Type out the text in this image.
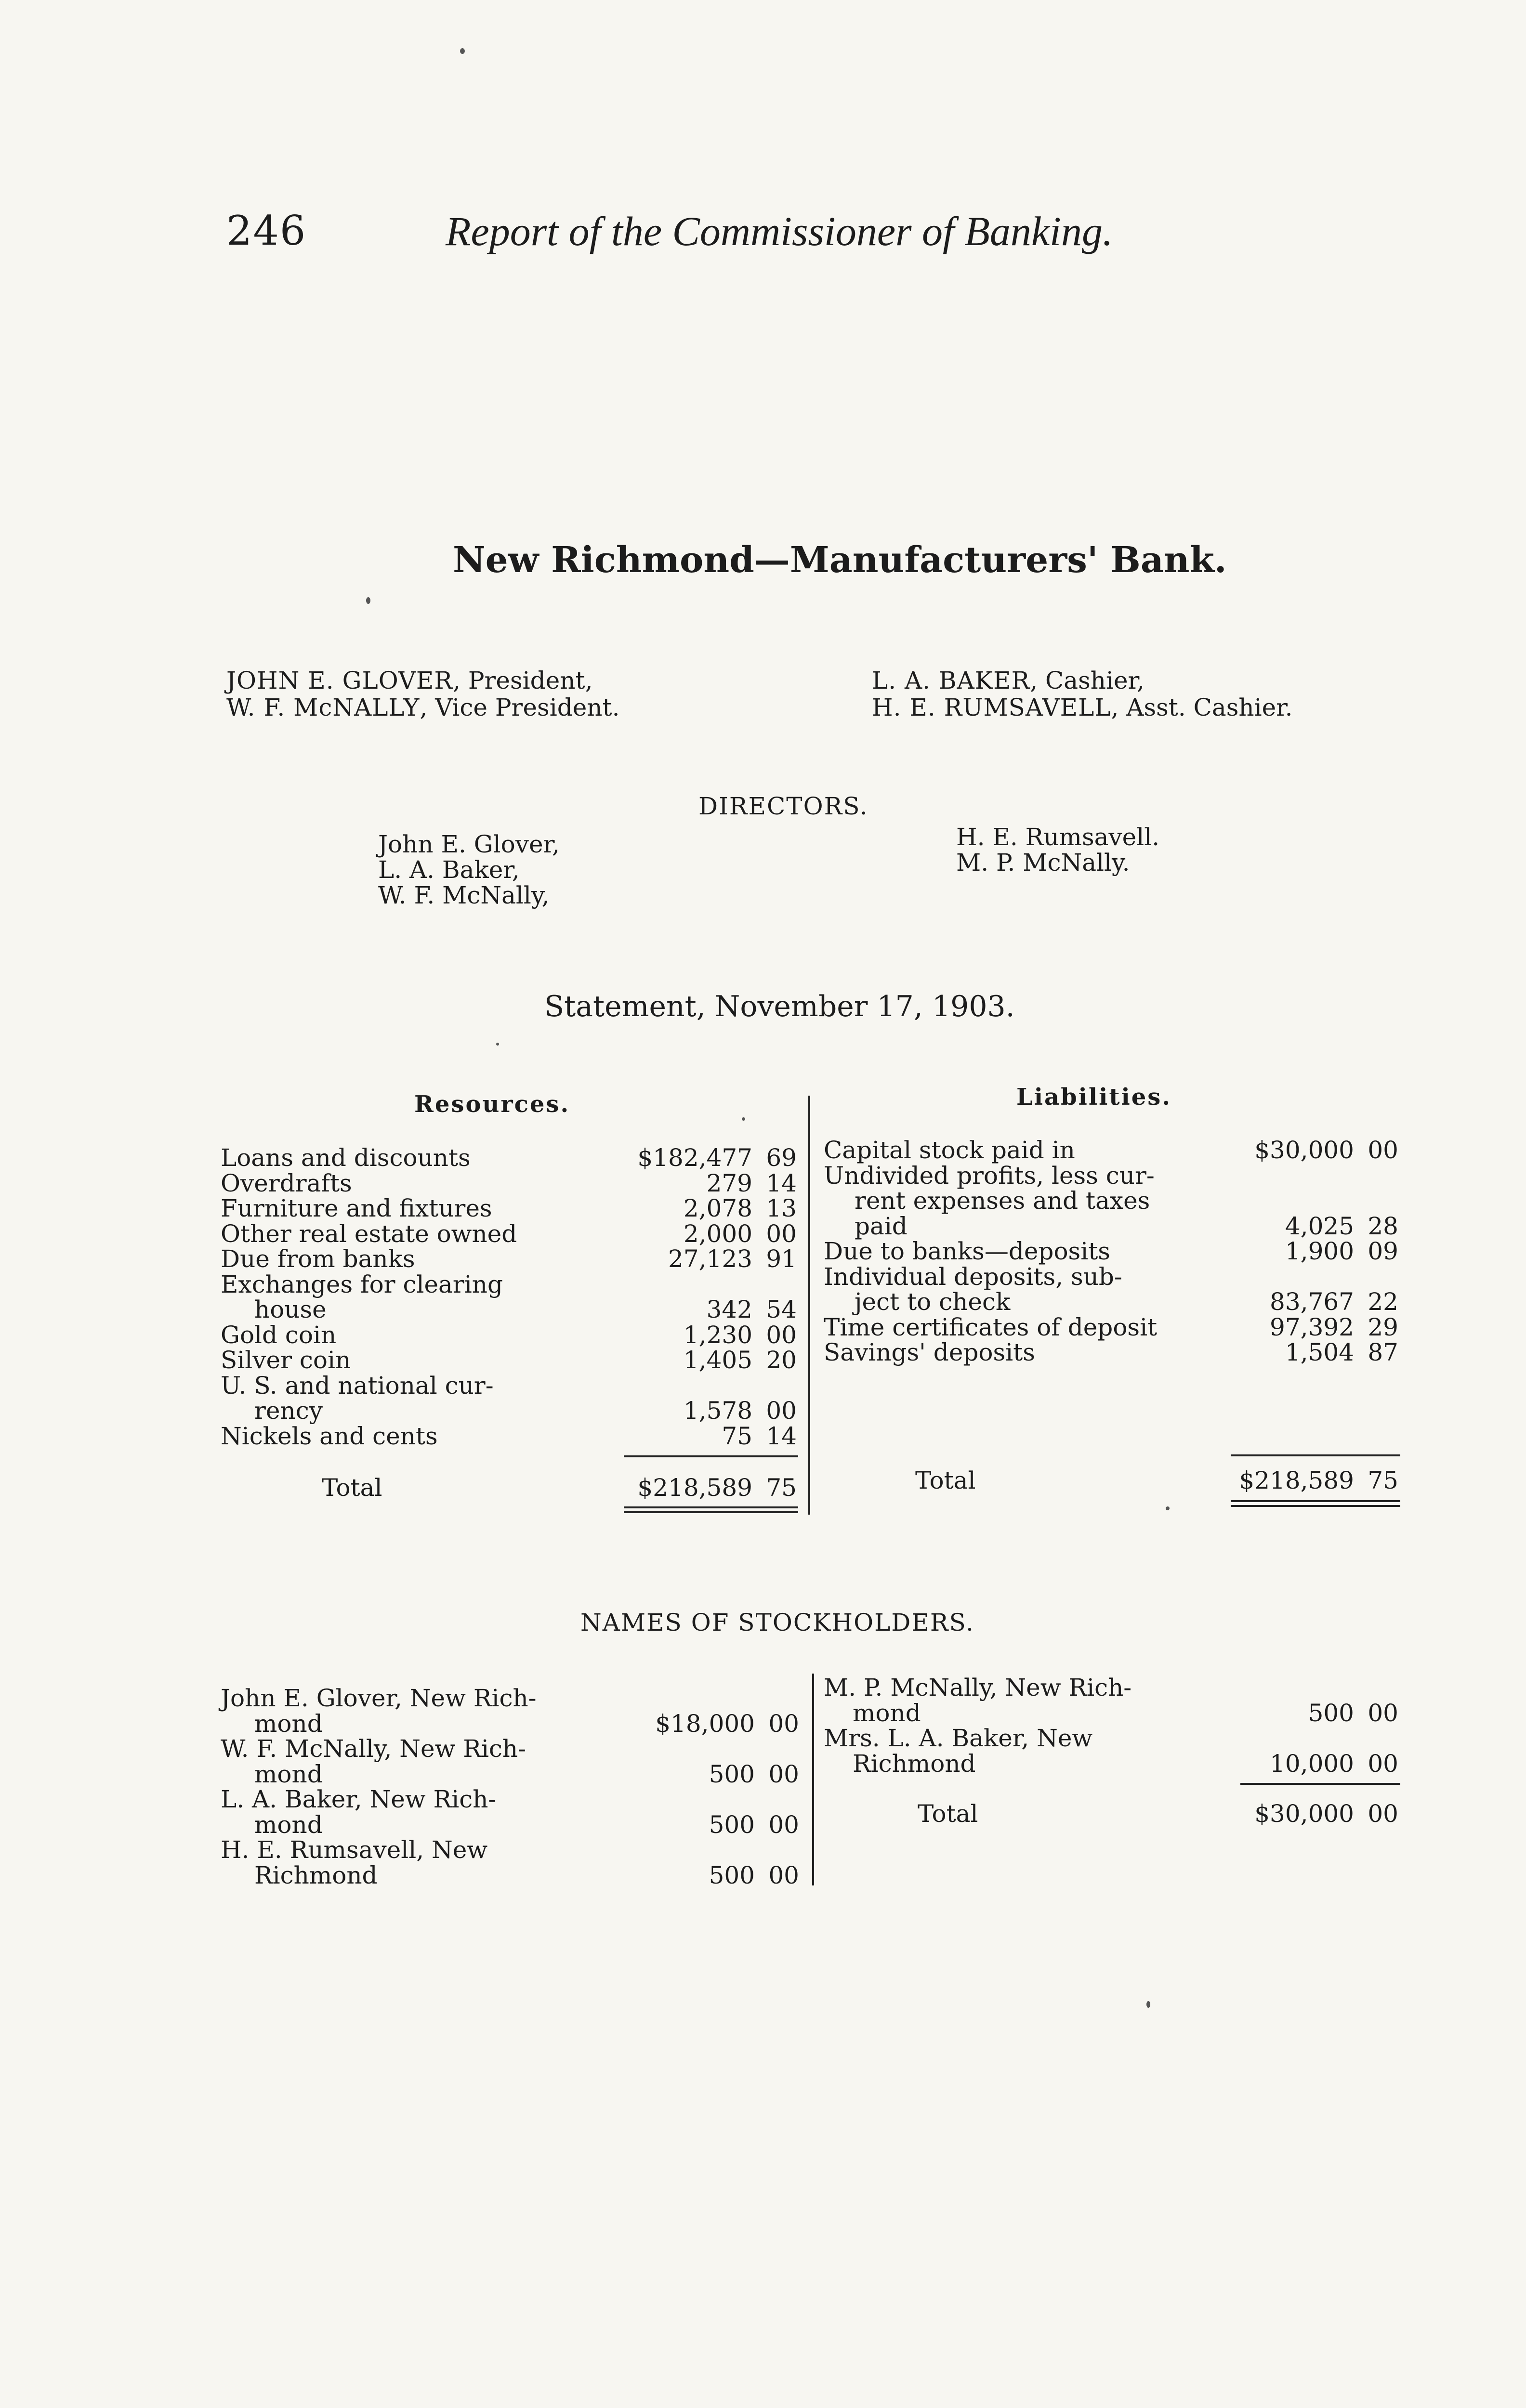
246	Report of the Commissioner of Banking.
New Richmond—Manufacturers' Bank.
JOHN E. GLOVER, President,
W. F. McNALLY, Vice President.
L. A. BAKER, Cashier,
H. E. RUMSAVELL, Asst. Cashier.
DIRECTORS.
John E. Glover,
L. A. Baker,
W. F. McNally,
H. E. Rumsavell.
M. P. McNally.
Statement, November 17, 1903.
Resources.	Liabilities.
Loans and discounts	$182,477 69
Overdrafts	279 14
Furniture and fixtures	2,078 13
Other real estate owned	2,000 00
Due from banks	27,123 91
Exchanges for clearing
house	342 54
Gold coin	1,230 00
Silver coin	1,405 20
U. S. and national cur-
rency	1,578 00
Nickels and cents	75 14
Total	$218,589 75
Capital stock paid in	$30,000 00
Undivided profits, less cur-
rent expenses and taxes
paid	4,025 28
Due to banks—deposits	1,900 09
Individual deposits, sub-
ject to check	83,767 22
Time certificates of deposit	97,392 29
Savings' deposits	1,504 87
Total	$218,589 75
NAMES OF STOCKHOLDERS.
John E. Glover, New Rich-
mond	$18,000 00
W. F. McNally, New Rich-
mond	500 00
L. A. Baker, New Rich-
mond	500 00
H. E. Rumsavell, New
Richmond	500 00
M. P. McNally, New Rich-
mond	500 00
Mrs. L. A. Baker, New
Richmond	10,000 00
Total	$30,000 00
